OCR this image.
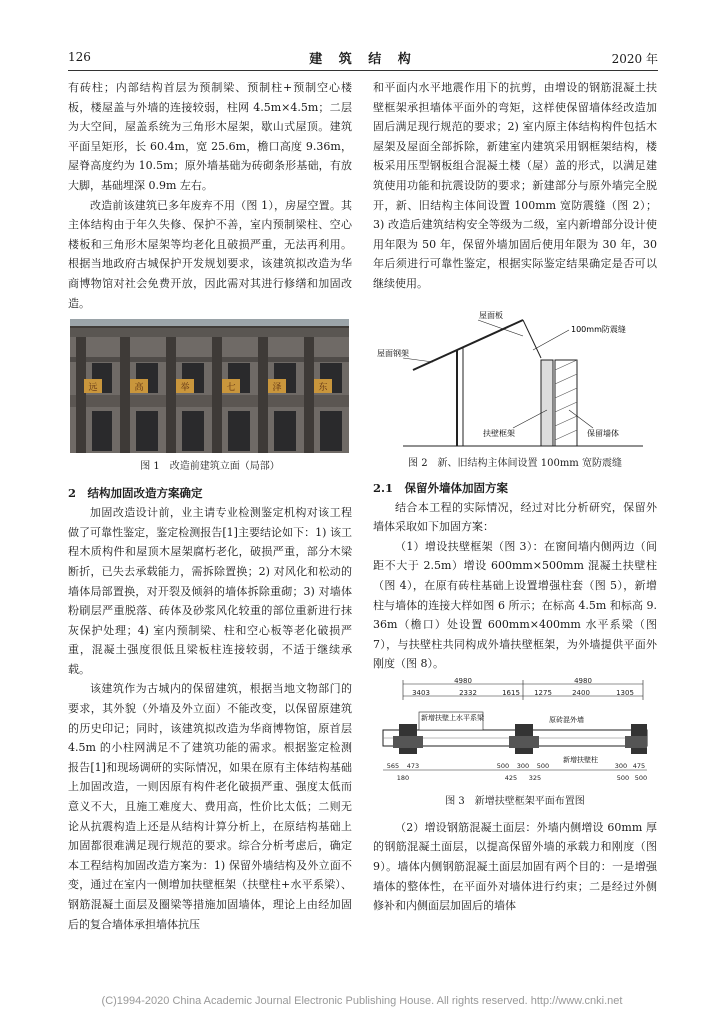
126	建 筑 结 构	2020 年

有砖柱；内部结构首层为预制梁、预制柱+预制空心楼板，楼屋盖与外墙的连接较弱，柱网 4.5m×4.5m；二层为大空间，屋盖系统为三角形木屋架，歇山式屋顶。建筑平面呈矩形，长 60.4m，宽 25.6m，檐口高度 9.36m，屋脊高度约为 10.5m；原外墙基础为砖砌条形基础，有放大脚，基础埋深 0.9m 左右。

改造前该建筑已多年废弃不用（图 1），房屋空置。其主体结构由于年久失修、保护不善，室内预制梁柱、空心楼板和三角形木屋架等均老化且破损严重，无法再利用。根据当地政府古城保护开发规划要求，该建筑拟改造为华商博物馆对社会免费开放，因此需对其进行修缮和加固改造。

远	高	举	七	泽	东

图 1　改造前建筑立面（局部）

2　结构加固改造方案确定

加固改造设计前，业主请专业检测鉴定机构对该工程做了可靠性鉴定，鉴定检测报告[1]主要结论如下：1) 该工程木质构件和屋顶木屋架腐朽老化，破损严重，部分木梁断折，已失去承载能力，需拆除置换；2) 对风化和松动的墙体局部置换，对开裂及倾斜的墙体拆除重砌；3) 对墙体粉刷层严重脱落、砖体及砂浆风化较重的部位重新进行抹灰保护处理；4) 室内预制梁、柱和空心板等老化破损严重，混凝土强度很低且梁板柱连接较弱，不适于继续承载。

该建筑作为古城内的保留建筑，根据当地文物部门的要求，其外貌（外墙及外立面）不能改变，以保留原建筑的历史印记；同时，该建筑拟改造为华商博物馆，原首层 4.5m 的小柱网满足不了建筑功能的需求。根据鉴定检测报告[1]和现场调研的实际情况，如果在原有主体结构基础上加固改造，一则因原有构件老化破损严重、强度太低而意义不大，且施工难度大、费用高，性价比太低；二则无论从抗震构造上还是从结构计算分析上，在原结构基础上加固都很难满足现行规范的要求。综合分析考虑后，确定本工程结构加固改造方案为：1) 保留外墙结构及外立面不变，通过在室内一侧增加扶壁框架（扶壁柱+水平系梁）、钢筋混凝土面层及圈梁等措施加固墙体，理论上由经加固后的复合墙体承担墙体抗压

和平面内水平地震作用下的抗剪，由增设的钢筋混凝土扶壁框架承担墙体平面外的弯矩，这样使保留墙体经改造加固后满足现行规范的要求；2) 室内原主体结构构件包括木屋架及屋面全部拆除，新建室内建筑采用钢框架结构，楼板采用压型钢板组合混凝土楼（屋）盖的形式，以满足建筑使用功能和抗震设防的要求；新建部分与原外墙完全脱开，新、旧结构主体间设置 100mm 宽防震缝（图 2）；3) 改造后建筑结构安全等级为二级，室内新增部分设计使用年限为 50 年，保留外墙加固后使用年限为 30 年，30 年后须进行可靠性鉴定，根据实际鉴定结果确定是否可以继续使用。

屋面板
100mm防震缝
屋面钢架
扶壁框架	保留墙体

图 2　新、旧结构主体间设置 100mm 宽防震缝

2.1　保留外墙体加固方案

结合本工程的实际情况，经过对比分析研究，保留外墙体采取如下加固方案：

（1）增设扶壁框架（图 3）：在窗间墙内侧两边（间距不大于 2.5m）增设 600mm×500mm 混凝土扶壁柱（图 4），在原有砖柱基础上设置增强柱套（图 5），新增柱与墙体的连接大样如图 6 所示；在标高 4.5m 和标高 9.36m（檐口）处设置 600mm×400mm 水平系梁（图 7），与扶壁柱共同构成外墙扶壁框架，为外墙提供平面外刚度（图 8）。

4980	4980
3403	2332	1615 1275	2400	1305
新增扶壁上水平系梁	原砖混外墙
新增扶壁柱
565 473	500 300 500	300 475
180	425 325	500 500

图 3　新增扶壁框架平面布置图

（2）增设钢筋混凝土面层：外墙内侧增设 60mm 厚的钢筋混凝土面层，以提高保留外墙的承载力和刚度（图 9）。墙体内侧钢筋混凝土面层加固有两个目的：一是增强墙体的整体性，在平面外对墙体进行约束；二是经过外侧修补和内侧面层加固后的墙体

(C)1994-2020 China Academic Journal Electronic Publishing House. All rights reserved. http://www.cnki.net
